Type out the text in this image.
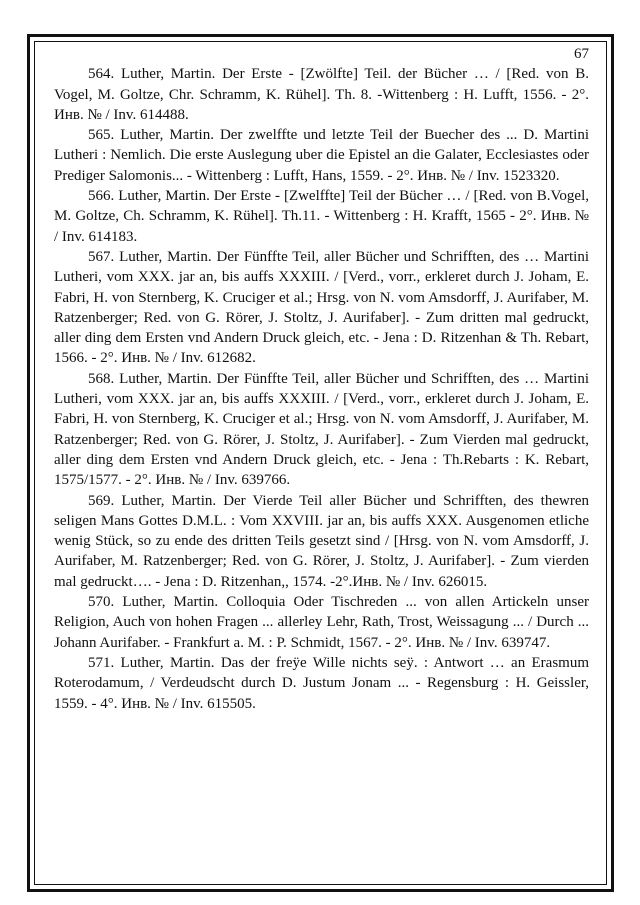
67

564. Luther, Martin. Der Erste - [Zwölfte] Teil. der Bücher … / [Red. von B. Vogel, M. Goltze, Chr. Schramm, K. Rühel]. Th. 8. -Wittenberg : H. Lufft, 1556. - 2°. Инв. № / Inv. 614488.

565. Luther, Martin. Der zwelffte und letzte Teil der Buecher des ... D. Martini Lutheri : Nemlich. Die erste Auslegung uber die Epistel an die Galater, Ecclesiastes oder Prediger Salomonis... - Wittenberg : Lufft, Hans, 1559. - 2°. Инв. № / Inv. 1523320.

566. Luther, Martin. Der Erste - [Zwelffte] Teil der Bücher … / [Red. von B.Vogel, M. Goltze, Ch. Schramm, K. Rühel]. Th.11. - Wittenberg : H. Krafft, 1565 - 2°. Инв. № / Inv. 614183.

567. Luther, Martin. Der Fünffte Teil, aller Bücher und Schrifften, des … Martini Lutheri, vom XXX. jar an, bis auffs XXXIII. / [Verd., vorr., erkleret durch J. Joham, E. Fabri, H. von Sternberg, K. Cruciger et al.; Hrsg. von N. vom Amsdorff, J. Aurifaber, M. Ratzenberger; Red. von G. Rörer, J. Stoltz, J. Aurifaber]. - Zum dritten mal gedruckt, aller ding dem Ersten vnd Andern Druck gleich, etc. - Jena : D. Ritzenhan & Th. Rebart, 1566. - 2°. Инв. № / Inv. 612682.

568. Luther, Martin. Der Fünffte Teil, aller Bücher und Schrifften, des … Martini Lutheri, vom XXX. jar an, bis auffs XXXIII. / [Verd., vorr., erkleret durch J. Joham, E. Fabri, H. von Sternberg, K. Cruciger et al.; Hrsg. von N. vom Amsdorff, J. Aurifaber, M. Ratzenberger; Red. von G. Rörer, J. Stoltz, J. Aurifaber]. - Zum Vierden mal gedruckt, aller ding dem Ersten vnd Andern Druck gleich, etc. - Jena : Th.Rebarts : K. Rebart, 1575/1577. - 2°. Инв. № / Inv. 639766.

569. Luther, Martin. Der Vierde Teil aller Bücher und Schrifften, des thewren seligen Mans Gottes D.M.L. : Vom XXVIII. jar an, bis auffs XXX. Ausgenomen etliche wenig Stück, so zu ende des dritten Teils gesetzt sind / [Hrsg. von N. vom Amsdorff, J. Aurifaber, M. Ratzenberger; Red. von G. Rörer, J. Stoltz, J. Aurifaber]. - Zum vierden mal gedruckt…. - Jena : D. Ritzenhan,, 1574. -2°.Инв. № / Inv. 626015.

570. Luther, Martin. Colloquia Oder Tischreden ... von allen Artickeln unser Religion, Auch von hohen Fragen ... allerley Lehr, Rath, Trost, Weissagung ... / Durch ... Johann Aurifaber. - Frankfurt a. M. : P. Schmidt, 1567. - 2°. Инв. № / Inv. 639747.

571. Luther, Martin. Das der freÿe Wille nichts seÿ. : Antwort … an Erasmum Roterodamum, / Verdeudscht durch D. Justum Jonam ... - Regensburg : H. Geissler, 1559. - 4°. Инв. № / Inv. 615505.
